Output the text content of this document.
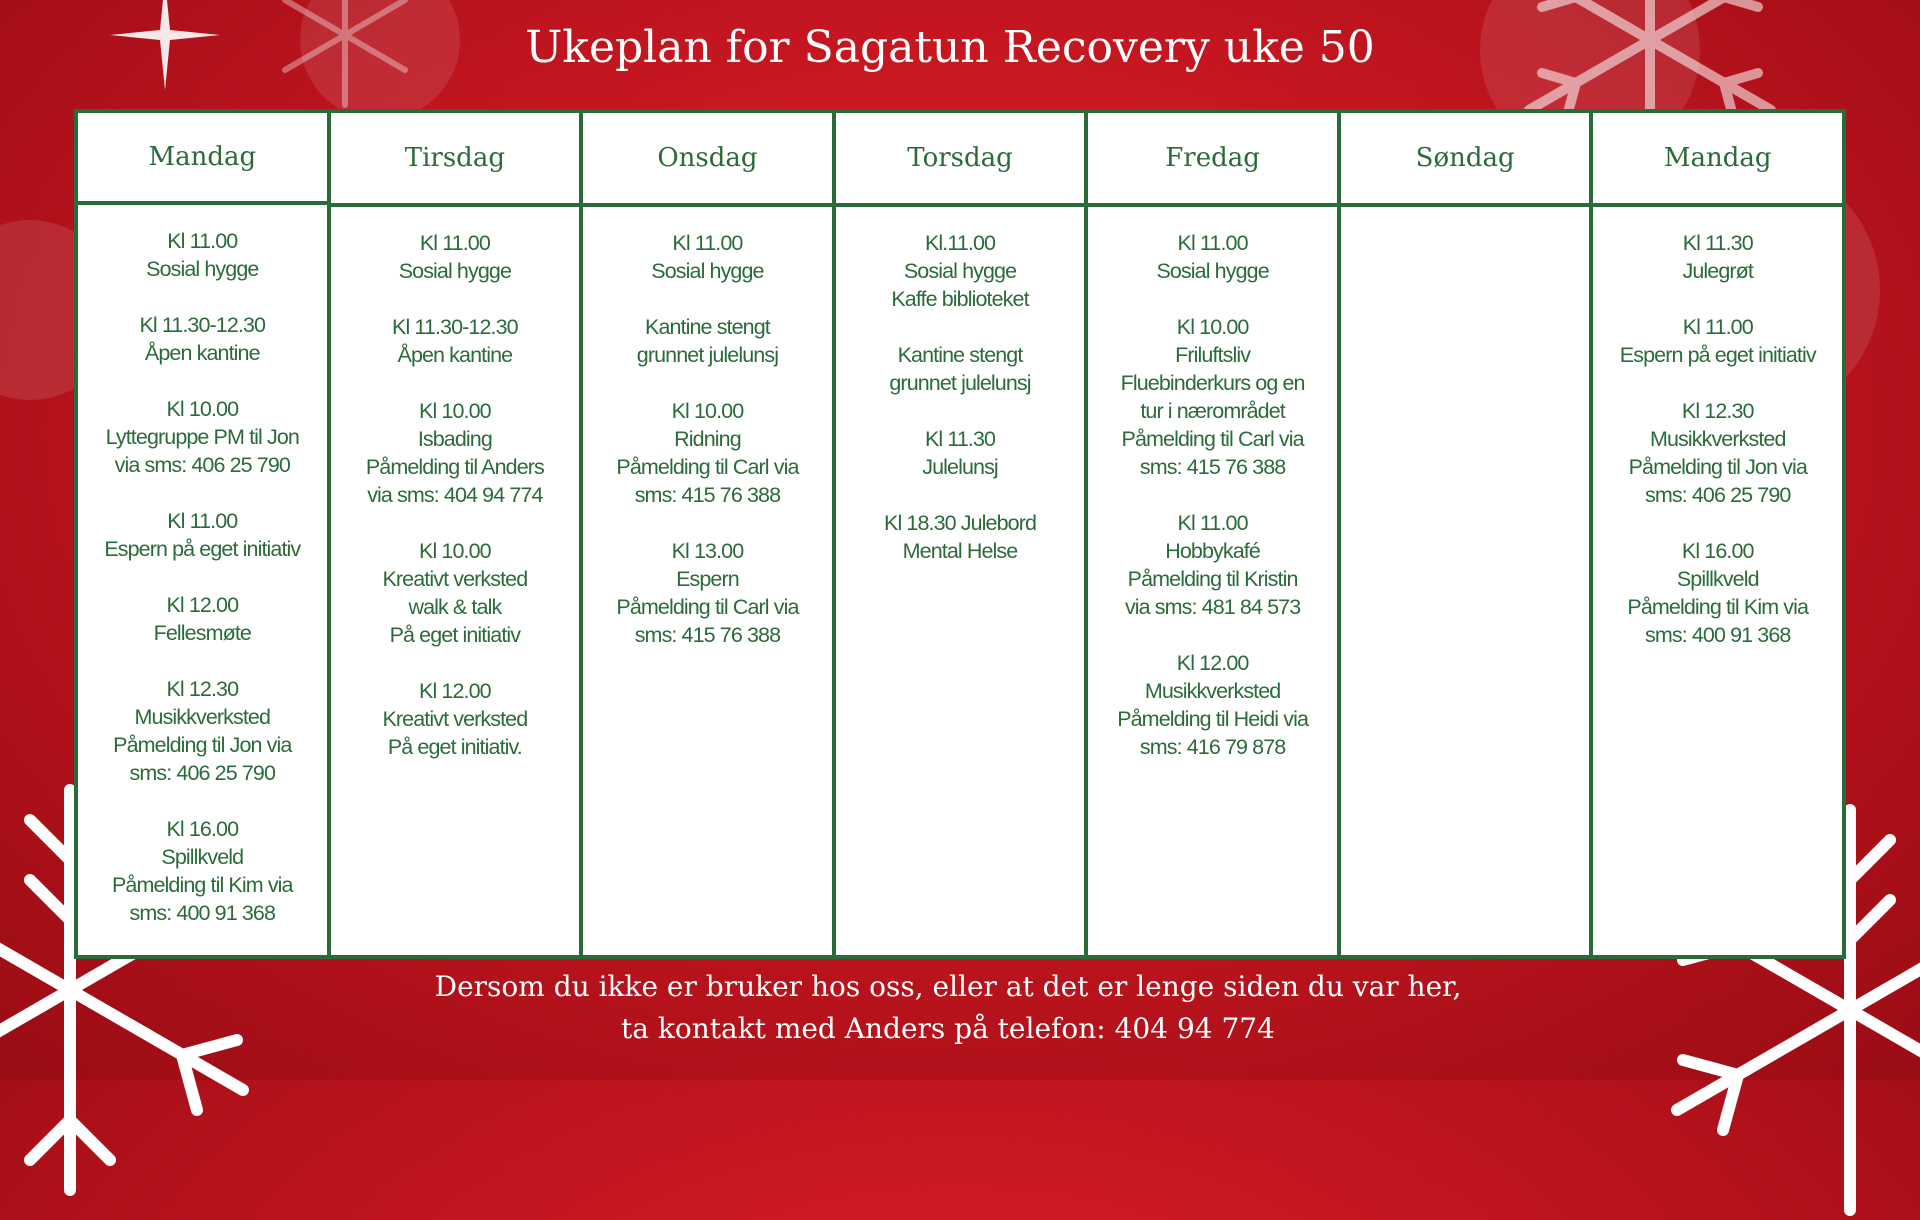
Ukeplan for Sagatun Recovery uke 50
Mandag
Kl 11.00
Sosial hygge
Kl 11.30-12.30
Åpen kantine
Kl 10.00
Lyttegruppe PM til Jon
via sms: 406 25 790
Kl 11.00
Espern på eget initiativ
Kl 12.00
Fellesmøte
Kl 12.30
Musikkverksted
Påmelding til Jon via
sms: 406 25 790
Kl 16.00
Spillkveld
Påmelding til Kim via
sms: 400 91 368
Tirsdag
Kl 11.00
Sosial hygge
Kl 11.30-12.30
Åpen kantine
Kl 10.00
Isbading
Påmelding til Anders
via sms: 404 94 774
Kl 10.00
Kreativt verksted
walk & talk
På eget initiativ
Kl 12.00
Kreativt verksted
På eget initiativ.
Onsdag
Kl 11.00
Sosial hygge
Kantine stengt
grunnet julelunsj
Kl 10.00
Ridning
Påmelding til Carl via
sms: 415 76 388
Kl 13.00
Espern
Påmelding til Carl via
sms: 415 76 388
Torsdag
Kl.11.00
Sosial hygge
Kaffe biblioteket
Kantine stengt
grunnet julelunsj
Kl 11.30
Julelunsj
Kl 18.30 Julebord
Mental Helse
Fredag
Kl 11.00
Sosial hygge
Kl 10.00
Friluftsliv
Fluebinderkurs og en
tur i nærområdet
Påmelding til Carl via
sms: 415 76 388
Kl 11.00
Hobbykafé
Påmelding til Kristin
via sms: 481 84 573
Kl 12.00
Musikkverksted
Påmelding til Heidi via
sms: 416 79 878
Søndag	Mandag
Kl 11.30
Julegrøt
Kl 11.00
Espern på eget initiativ
Kl 12.30
Musikkverksted
Påmelding til Jon via
sms: 406 25 790
Kl 16.00
Spillkveld
Påmelding til Kim via
sms: 400 91 368
Dersom du ikke er bruker hos oss, eller at det er lenge siden du var her,
ta kontakt med Anders på telefon: 404 94 774
